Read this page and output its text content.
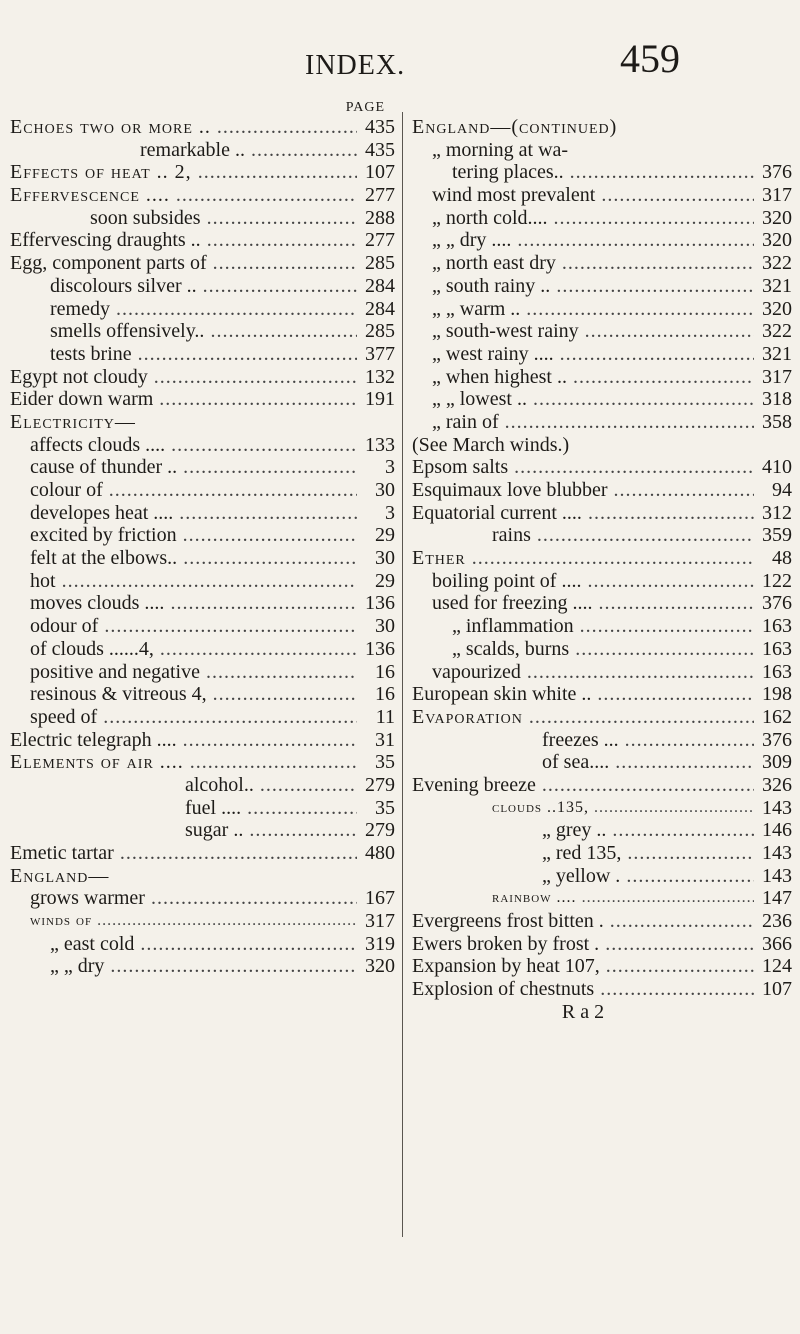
INDEX.	459
PAGE
Echoes two or more .. .....	435
remarkable .. .....	435
Effects of heat .. 2, .....	107
Effervescence .... .....	277
soon subsides .....	288
Effervescing draughts .. .....	277
Egg, component parts of .....	285
discolours silver .. .....	284
remedy .....	284
smells offensively.. .....	285
tests brine .....	377
Egypt not cloudy .....	132
Eider down warm .....	191
Electricity—
affects clouds .... .....	133
cause of thunder .. .....	3
colour of .....	30
developes heat .... .....	3
excited by friction .....	29
felt at the elbows.. .....	30
hot .....	29
moves clouds .... .....	136
odour of .....	30
of clouds ......4, .....	136
positive and negative .....	16
resinous & vitreous 4, .....	16
speed of .....	11
Electric telegraph .... .....	31
Elements of air .... .....	35
alcohol.. .....	279
fuel .... .....	35
sugar .. .....	279
Emetic tartar .....	480
England—
grows warmer .....	167
winds of .....	317
„ east cold .....	319
„ „ dry .....	320
England—(continued)
„ morning at wa-
tering places.. .....	376
wind most prevalent .....	317
„ north cold.... .....	320
„ „ dry .... .....	320
„ north east dry .....	322
„ south rainy .. .....	321
„ „ warm .. .....	320
„ south-west rainy .....	322
„ west rainy .... .....	321
„ when highest .. .....	317
„ „ lowest .. .....	318
„ rain of .....	358
(See March winds.)
Epsom salts .....	410
Esquimaux love blubber .....	94
Equatorial current .... .....	312
rains .....	359
Ether .....	48
boiling point of .... .....	122
used for freezing .... .....	376
„ inflammation .....	163
„ scalds, burns .....	163
vapourized .....	163
European skin white .. .....	198
Evaporation .....	162
freezes ... .....	376
of sea.... .....	309
Evening breeze .....	326
clouds ..135, .....	143
„ grey .. .....	146
„ red 135, .....	143
„ yellow . .....	143
rainbow .... .....	147
Evergreens frost bitten . .....	236
Ewers broken by frost . .....	366
Expansion by heat 107, .....	124
Explosion of chestnuts .....	107
R a 2
